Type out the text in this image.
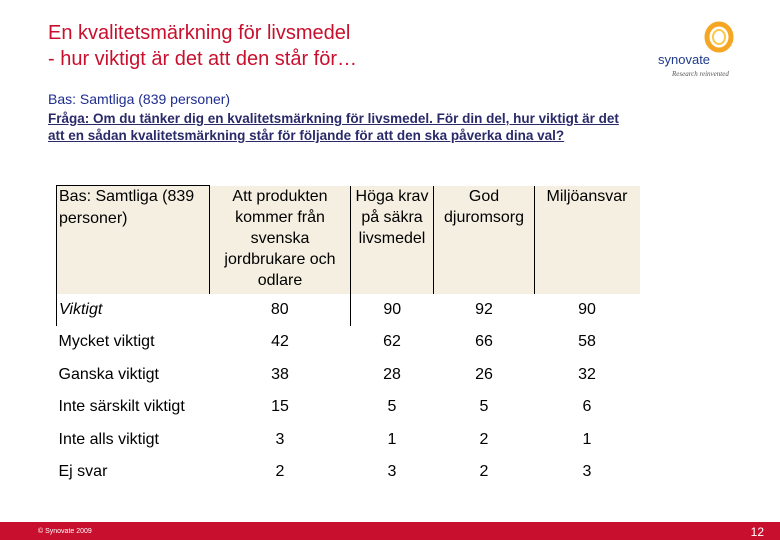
En kvalitetsmärkning för livsmedel
- hur viktigt är det att den står för…	synovate
Research reinvented
Bas: Samtliga (839 personer)
Fråga: Om du tänker dig en kvalitetsmärkning för livsmedel. För din del, hur viktigt är det att en sådan kvalitetsmärkning står för följande för att den ska påverka dina val?
Bas: Samtliga (839 personer)	Att produkten kommer från svenska jordbrukare och odlare	Höga krav på säkra livsmedel	God djuromsorg	Miljöansvar
Viktigt	80	90	92	90
Mycket viktigt	42	62	66	58
Ganska viktigt	38	28	26	32
Inte särskilt viktigt	15	5	5	6
Inte alls viktigt	3	1	2	1
Ej svar	2	3	2	3
© Synovate 2009	12
